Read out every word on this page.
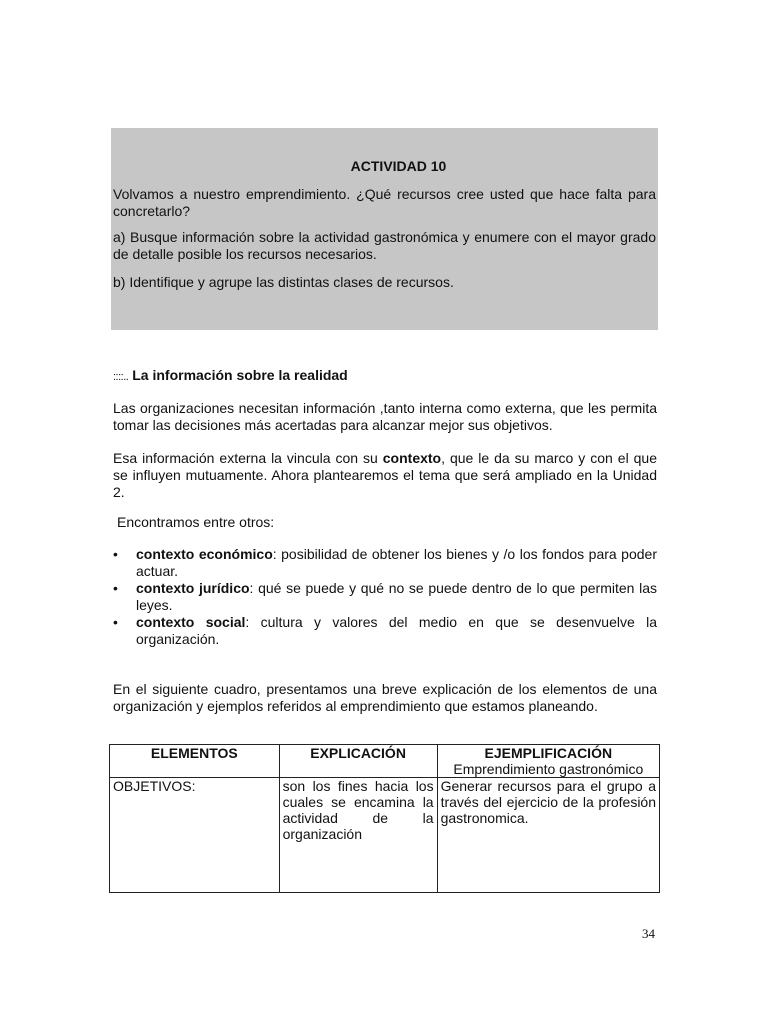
ACTIVIDAD 10

Volvamos a nuestro emprendimiento. ¿Qué recursos cree usted que hace falta para concretarlo?

a) Busque información sobre la actividad gastronómica y enumere con el mayor grado de detalle posible los recursos necesarios.

b) Identifique y agrupe las distintas clases de recursos.

::::.. La información sobre la realidad

Las organizaciones necesitan información ,tanto interna como externa, que les permita tomar las decisiones más acertadas para alcanzar mejor sus objetivos.

Esa información externa la vincula con su contexto, que le da su marco y con el que se influyen mutuamente. Ahora plantearemos el tema que será ampliado en la Unidad 2.

Encontramos entre otros:

• contexto económico: posibilidad de obtener los bienes y /o los fondos para poder actuar.
• contexto jurídico: qué se puede y qué no se puede dentro de lo que permiten las leyes.
• contexto social: cultura y valores del medio en que se desenvuelve la organización.

En el siguiente cuadro, presentamos una breve explicación de los elementos de una organización y ejemplos referidos al emprendimiento que estamos planeando.

ELEMENTOS	EXPLICACIÓN	EJEMPLIFICACIÓN
Emprendimiento gastronómico

OBJETIVOS:	son los fines hacia los cuales se encamina la actividad de la organización	Generar recursos para el grupo a través del ejercicio de la profesión gastronomica.
34
